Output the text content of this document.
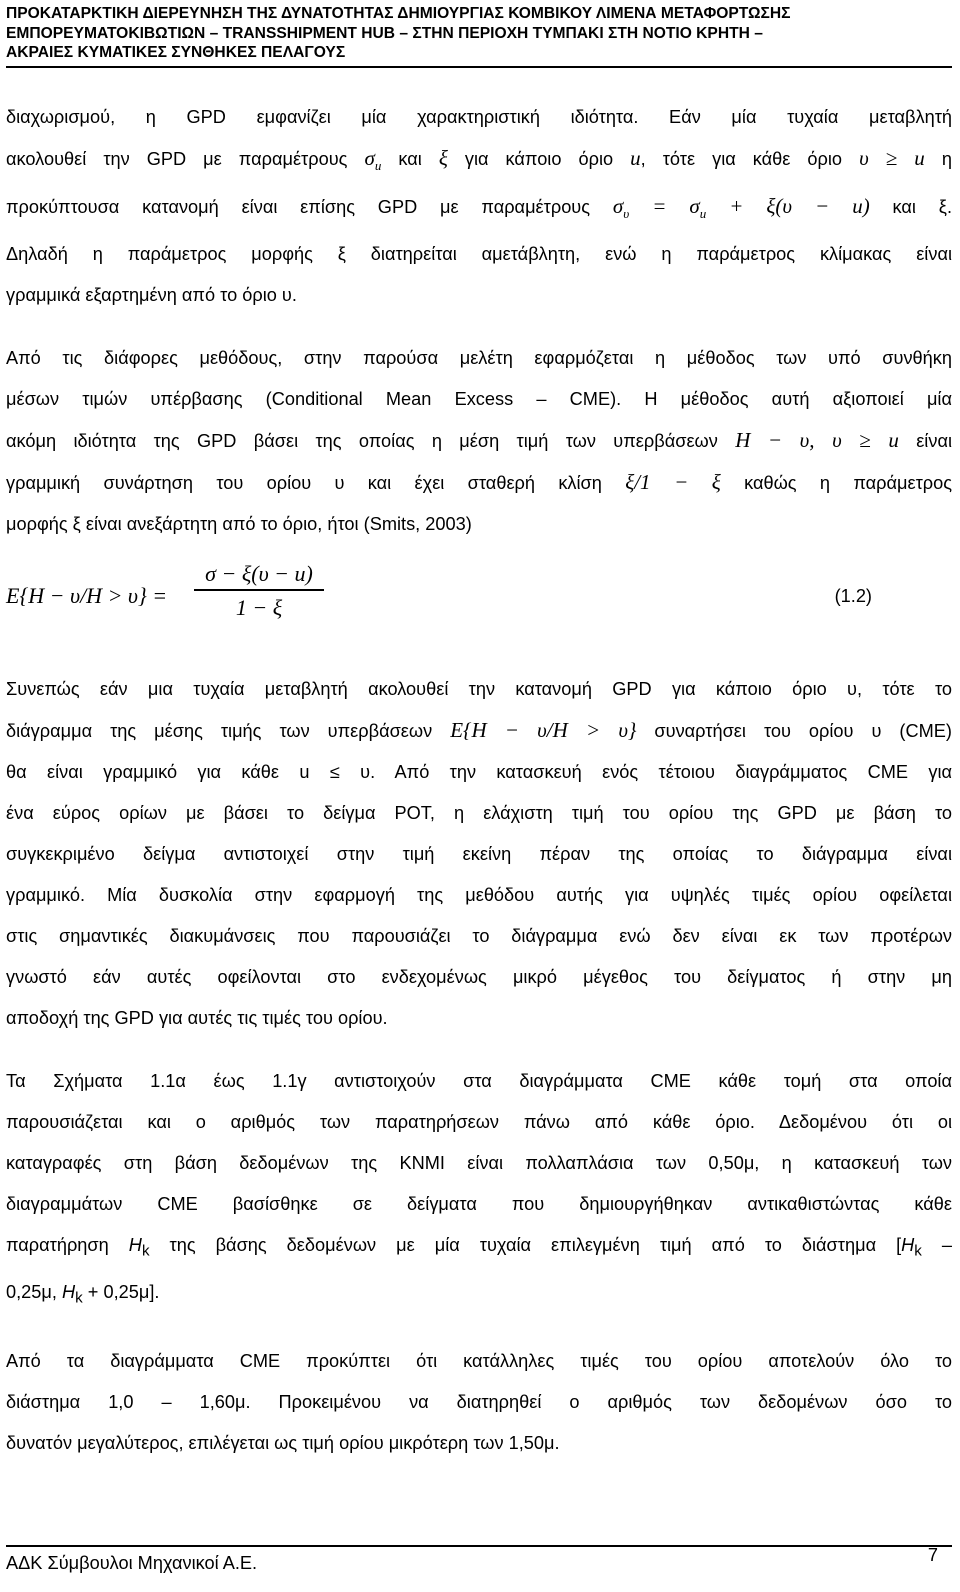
ΠΡΟΚΑΤΑΡΚΤΙΚΗ ΔΙΕΡΕΥΝΗΣΗ ΤΗΣ ΔΥΝΑΤΟΤΗΤΑΣ ΔΗΜΙΟΥΡΓΙΑΣ ΚΟΜΒΙΚΟΥ ΛΙΜΕΝΑ ΜΕΤΑΦΟΡΤΩΣΗΣ
ΕΜΠΟΡΕΥΜΑΤΟΚΙΒΩΤΙΩΝ – TRANSSHIPMENT HUB – ΣΤΗΝ ΠΕΡΙΟΧΗ ΤΥΜΠΑΚΙ ΣΤΗ ΝΟΤΙΟ ΚΡΗΤΗ –
ΑΚΡΑΙΕΣ ΚΥΜΑΤΙΚΕΣ ΣΥΝΘΗΚΕΣ ΠΕΛΑΓΟΥΣ
διαχωρισμού, η GPD εμφανίζει μία χαρακτηριστική ιδιότητα. Εάν μία τυχαία μεταβλητή
ακολουθεί την GPD με παραμέτρους $\sigma_u$ και ξ για κάποιο όριο u, τότε για κάθε όριο υ ≥ u η
προκύπτουσα κατανομή είναι επίσης GPD με παραμέτρους $\sigma_\upsilon = \sigma_u + \xi(\upsilon - u)$ και ξ.
Δηλαδή η παράμετρος μορφής ξ διατηρείται αμετάβλητη, ενώ η παράμετρος κλίμακας είναι
γραμμικά εξαρτημένη από το όριο υ.
Από τις διάφορες μεθόδους, στην παρούσα μελέτη εφαρμόζεται η μέθοδος των υπό συνθήκη
μέσων τιμών υπέρβασης (Conditional Mean Excess – CME). Η μέθοδος αυτή αξιοποιεί μία
ακόμη ιδιότητα της GPD βάσει της οποίας η μέση τιμή των υπερβάσεων H − υ, υ ≥ u είναι
γραμμική συνάρτηση του ορίου υ και έχει σταθερή κλίση ξ/1 − ξ καθώς η παράμετρος
μορφής ξ είναι ανεξάρτητη από το όριο, ήτοι (Smits, 2003)
E{H − υ/H > υ} =
σ − ξ(υ − u)
1 − ξ	(1.2)
Συνεπώς εάν μια τυχαία μεταβλητή ακολουθεί την κατανομή GPD για κάποιο όριο υ, τότε το
διάγραμμα της μέσης τιμής των υπερβάσεων E{H − υ/H > υ} συναρτήσει του ορίου υ (CME)
θα είναι γραμμικό για κάθε u ≤ υ. Από την κατασκευή ενός τέτοιου διαγράμματος CME για
ένα εύρος ορίων με βάσει το δείγμα POT, η ελάχιστη τιμή του ορίου της GPD με βάση το
συγκεκριμένο δείγμα αντιστοιχεί στην τιμή εκείνη πέραν της οποίας το διάγραμμα είναι
γραμμικό. Μία δυσκολία στην εφαρμογή της μεθόδου αυτής για υψηλές τιμές ορίου οφείλεται
στις σημαντικές διακυμάνσεις που παρουσιάζει το διάγραμμα ενώ δεν είναι εκ των προτέρων
γνωστό εάν αυτές οφείλονται στο ενδεχομένως μικρό μέγεθος του δείγματος ή στην μη
αποδοχή της GPD για αυτές τις τιμές του ορίου.
Τα Σχήματα 1.1α έως 1.1γ αντιστοιχούν στα διαγράμματα CME κάθε τομή στα οποία
παρουσιάζεται και ο αριθμός των παρατηρήσεων πάνω από κάθε όριο. Δεδομένου ότι οι
καταγραφές στη βάση δεδομένων της KNMI είναι πολλαπλάσια των 0,50μ, η κατασκευή των
διαγραμμάτων CME βασίσθηκε σε δείγματα που δημιουργήθηκαν αντικαθιστώντας κάθε
παρατήρηση $H_k$ της βάσης δεδομένων με μία τυχαία επιλεγμένη τιμή από το διάστημα [$H_k$ –
0,25μ, $H_k + 0,25\mu$].
Από τα διαγράμματα CME προκύπτει ότι κατάλληλες τιμές του ορίου αποτελούν όλο το
διάστημα 1,0 – 1,60μ. Προκειμένου να διατηρηθεί ο αριθμός των δεδομένων όσο το
δυνατόν μεγαλύτερος, επιλέγεται ως τιμή ορίου μικρότερη των 1,50μ.
ΑΔΚ Σύμβουλοι Μηχανικοί Α.Ε.	7
